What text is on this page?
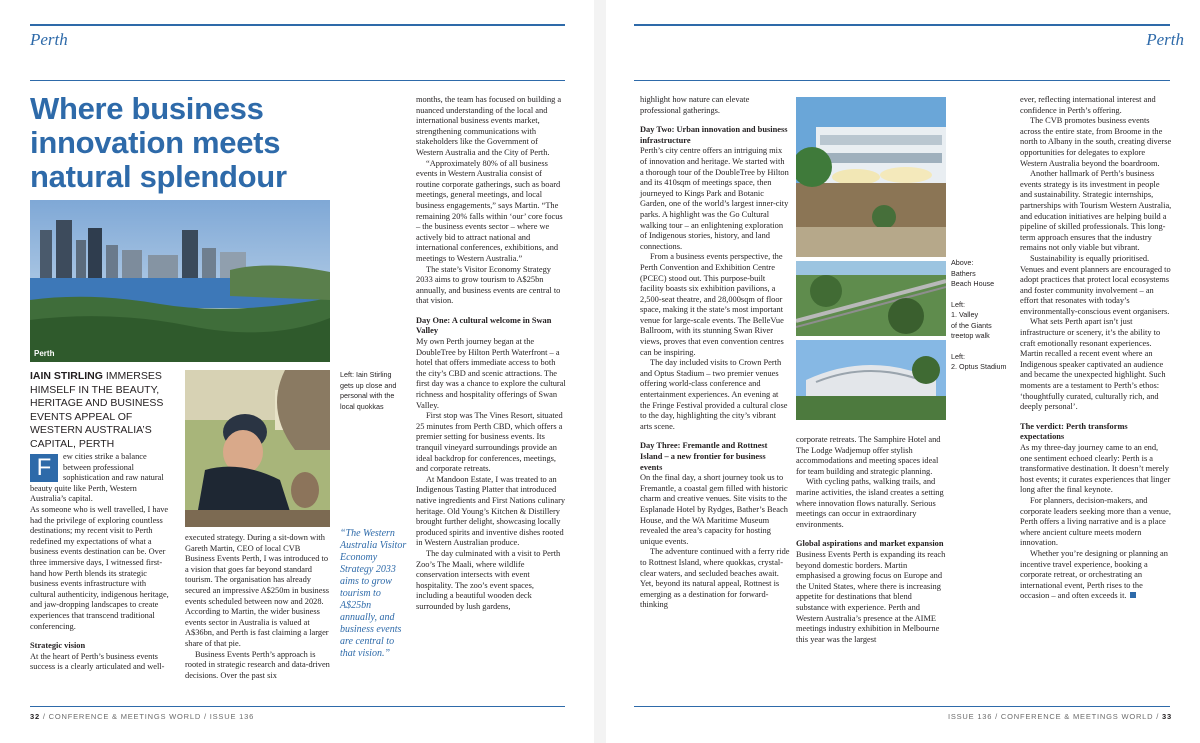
Perth
Where business innovation meets natural splendour
Perth
IAIN STIRLING IMMERSES HIMSELF IN THE BEAUTY, HERITAGE AND BUSINESS EVENTS APPEAL OF WESTERN AUSTRALIA’S CAPITAL, PERTH
Left: Iain Stirling gets up close and personal with the local quokkas

F	ew cities strike a balance between professional sophistication and raw natural beauty quite like Perth, Western Australia’s capital.

As someone who is well travelled, I have had the privilege of exploring countless destinations; my recent visit to Perth redefined my expectations of what a business events destination can be. Over three immersive days, I witnessed first-hand how Perth blends its strategic business events infrastructure with cultural authenticity, indigenous heritage, and jaw-dropping landscapes to create experiences that transcend traditional conferencing.

Strategic vision

At the heart of Perth’s business events success is a clearly articulated and well-

executed strategy. During a sit-down with Gareth Martin, CEO of local CVB Business Events Perth, I was introduced to a vision that goes far beyond standard tourism. The organisation has already secured an impressive A$250m in business events scheduled between now and 2028. According to Martin, the wider business events sector in Australia is valued at A$36bn, and Perth is fast claiming a larger share of that pie.

Business Events Perth’s approach is rooted in strategic research and data-driven decisions. Over the past six

“The Western Australia Visitor Economy Strategy 2033 aims to grow tourism to A$25bn annually, and business events are central to that vision.”

months, the team has focused on building a nuanced understanding of the local and international business events market, strengthening communications with stakeholders like the Government of Western Australia and the City of Perth.

“Approximately 80% of all business events in Western Australia consist of routine corporate gatherings, such as board meetings, general meetings, and local business engagements,” says Martin. “The remaining 20% falls within ‘our’ core focus – the business events sector – where we actively bid to attract national and international conferences, exhibitions, and meetings to Western Australia.”

The state’s Visitor Economy Strategy 2033 aims to grow tourism to A$25bn annually, and business events are central to that vision.

Day One: A cultural welcome in Swan Valley

My own Perth journey began at the DoubleTree by Hilton Perth Waterfront – a hotel that offers immediate access to both the city’s CBD and scenic attractions. The first day was a chance to explore the cultural richness and hospitality offerings of Swan Valley.

First stop was The Vines Resort, situated 25 minutes from Perth CBD, which offers a premier setting for business events. Its tranquil vineyard surroundings provide an ideal backdrop for conferences, meetings, and corporate retreats.

At Mandoon Estate, I was treated to an Indigenous Tasting Platter that introduced native ingredients and First Nations culinary heritage. Old Young’s Kitchen & Distillery brought further delight, showcasing locally produced spirits and inventive dishes rooted in Western Australian produce.

The day culminated with a visit to Perth Zoo’s The Maali, where wildlife conservation intersects with event hospitality. The zoo’s event spaces, including a beautiful wooden deck surrounded by lush gardens,

32 / CONFERENCE & MEETINGS WORLD / ISSUE 136
Perth

highlight how nature can elevate professional gatherings.

Day Two: Urban innovation and business infrastructure

Perth’s city centre offers an intriguing mix of innovation and heritage. We started with a thorough tour of the DoubleTree by Hilton and its 410sqm of meetings space, then journeyed to Kings Park and Botanic Garden, one of the world’s largest inner-city parks. A highlight was the Go Cultural walking tour – an enlightening exploration of Indigenous stories, history, and land connections.

From a business events perspective, the Perth Convention and Exhibition Centre (PCEC) stood out. This purpose-built facility boasts six exhibition pavilions, a 2,500-seat theatre, and 28,000sqm of floor space, making it the state’s most important venue for large-scale events. The BelleVue Ballroom, with its stunning Swan River views, proves that even convention centres can be inspiring.

The day included visits to Crown Perth and Optus Stadium – two premier venues offering world-class conference and entertainment experiences. An evening at the Fringe Festival provided a cultural close to the day, highlighting the city’s vibrant arts scene.

Day Three: Fremantle and Rottnest Island – a new frontier for business events

On the final day, a short journey took us to Fremantle, a coastal gem filled with historic charm and creative venues. Site visits to the Esplanade Hotel by Rydges, Bather’s Beach House, and the WA Maritime Museum revealed the area’s capacity for hosting unique events.

The adventure continued with a ferry ride to Rottnest Island, where quokkas, crystal-clear waters, and secluded beaches await. Yet, beyond its natural appeal, Rottnest is emerging as a destination for forward-thinking

Above:
Bathers
Beach House
Left:
1. Valley
of the Giants
treetop walk
Left:
2. Optus Stadium

corporate retreats. The Samphire Hotel and The Lodge Wadjemup offer stylish accommodations and meeting spaces ideal for team building and strategic planning.

With cycling paths, walking trails, and marine activities, the island creates a setting where innovation flows naturally. Serious meetings can occur in extraordinary environments.

Global aspirations and market expansion

Business Events Perth is expanding its reach beyond domestic borders. Martin emphasised a growing focus on Europe and the United States, where there is increasing appetite for destinations that blend substance with experience. Perth and Western Australia’s presence at the AIME meetings industry exhibition in Melbourne this year was the largest

ever, reflecting international interest and confidence in Perth’s offering.

The CVB promotes business events across the entire state, from Broome in the north to Albany in the south, creating diverse opportunities for delegates to explore Western Australia beyond the boardroom.

Another hallmark of Perth’s business events strategy is its investment in people and sustainability. Strategic internships, partnerships with Tourism Western Australia, and education initiatives are helping build a pipeline of skilled professionals. This long-term approach ensures that the industry remains not only viable but vibrant.

Sustainability is equally prioritised. Venues and event planners are encouraged to adopt practices that protect local ecosystems and foster community involvement – an effort that resonates with today’s environmentally-conscious event organisers.

What sets Perth apart isn’t just infrastructure or scenery, it’s the ability to craft emotionally resonant experiences. Martin recalled a recent event where an Indigenous speaker captivated an audience and became the unexpected highlight. Such moments are a testament to Perth’s ethos: ‘thoughtfully curated, culturally rich, and deeply personal’.

The verdict: Perth transforms expectations

As my three-day journey came to an end, one sentiment echoed clearly: Perth is a transformative destination. It doesn’t merely host events; it curates experiences that linger long after the final keynote.

For planners, decision-makers, and corporate leaders seeking more than a venue, Perth offers a living narrative and is a place where ancient culture meets modern innovation.

Whether you’re designing or planning an incentive travel experience, booking a corporate retreat, or orchestrating an international event, Perth rises to the occasion – and often exceeds it.

ISSUE 136 / CONFERENCE & MEETINGS WORLD / 33
